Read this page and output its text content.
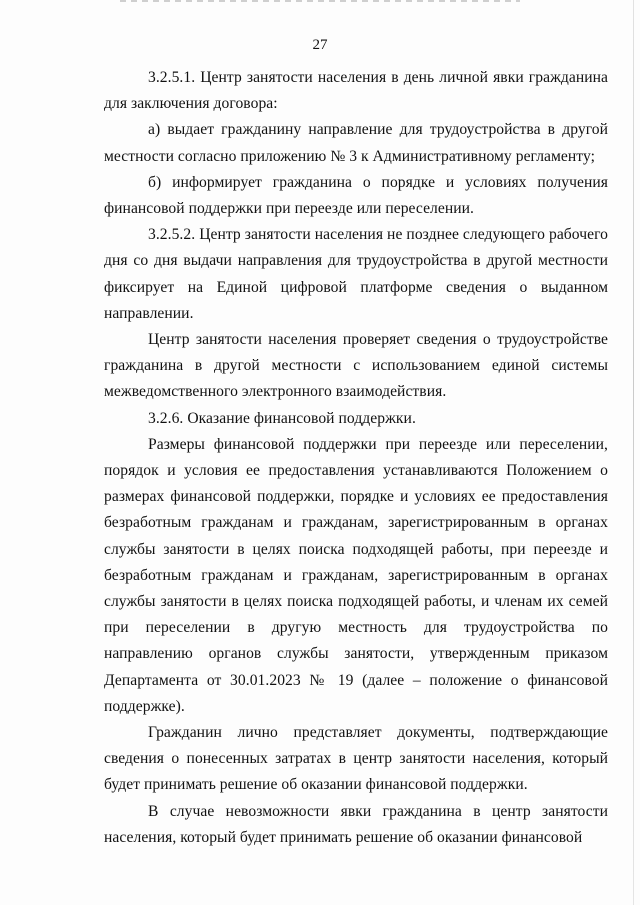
27

3.2.5.1. Центр занятости населения в день личной явки гражданина для заключения договора:

а) выдает гражданину направление для трудоустройства в другой местности согласно приложению № 3 к Административному регламенту;

б) информирует гражданина о порядке и условиях получения финансовой поддержки при переезде или переселении.

3.2.5.2. Центр занятости населения не позднее следующего рабочего дня со дня выдачи направления для трудоустройства в другой местности фиксирует на Единой цифровой платформе сведения о выданном направлении.

Центр занятости населения проверяет сведения о трудоустройстве гражданина в другой местности с использованием единой системы межведомственного электронного взаимодействия.

3.2.6. Оказание финансовой поддержки.

Размеры финансовой поддержки при переезде или переселении, порядок и условия ее предоставления устанавливаются Положением о размерах финансовой поддержки, порядке и условиях ее предоставления безработным гражданам и гражданам, зарегистрированным в органах службы занятости в целях поиска подходящей работы, при переезде и безработным гражданам и гражданам, зарегистрированным в органах службы занятости в целях поиска подходящей работы, и членам их семей при переселении в другую местность для трудоустройства по направлению органов службы занятости, утвержденным приказом Департамента от 30.01.2023 № 19 (далее – положение о финансовой поддержке).

Гражданин лично представляет документы, подтверждающие сведения о понесенных затратах в центр занятости населения, который будет принимать решение об оказании финансовой поддержки.

В случае невозможности явки гражданина в центр занятости населения, который будет принимать решение об оказании финансовой
